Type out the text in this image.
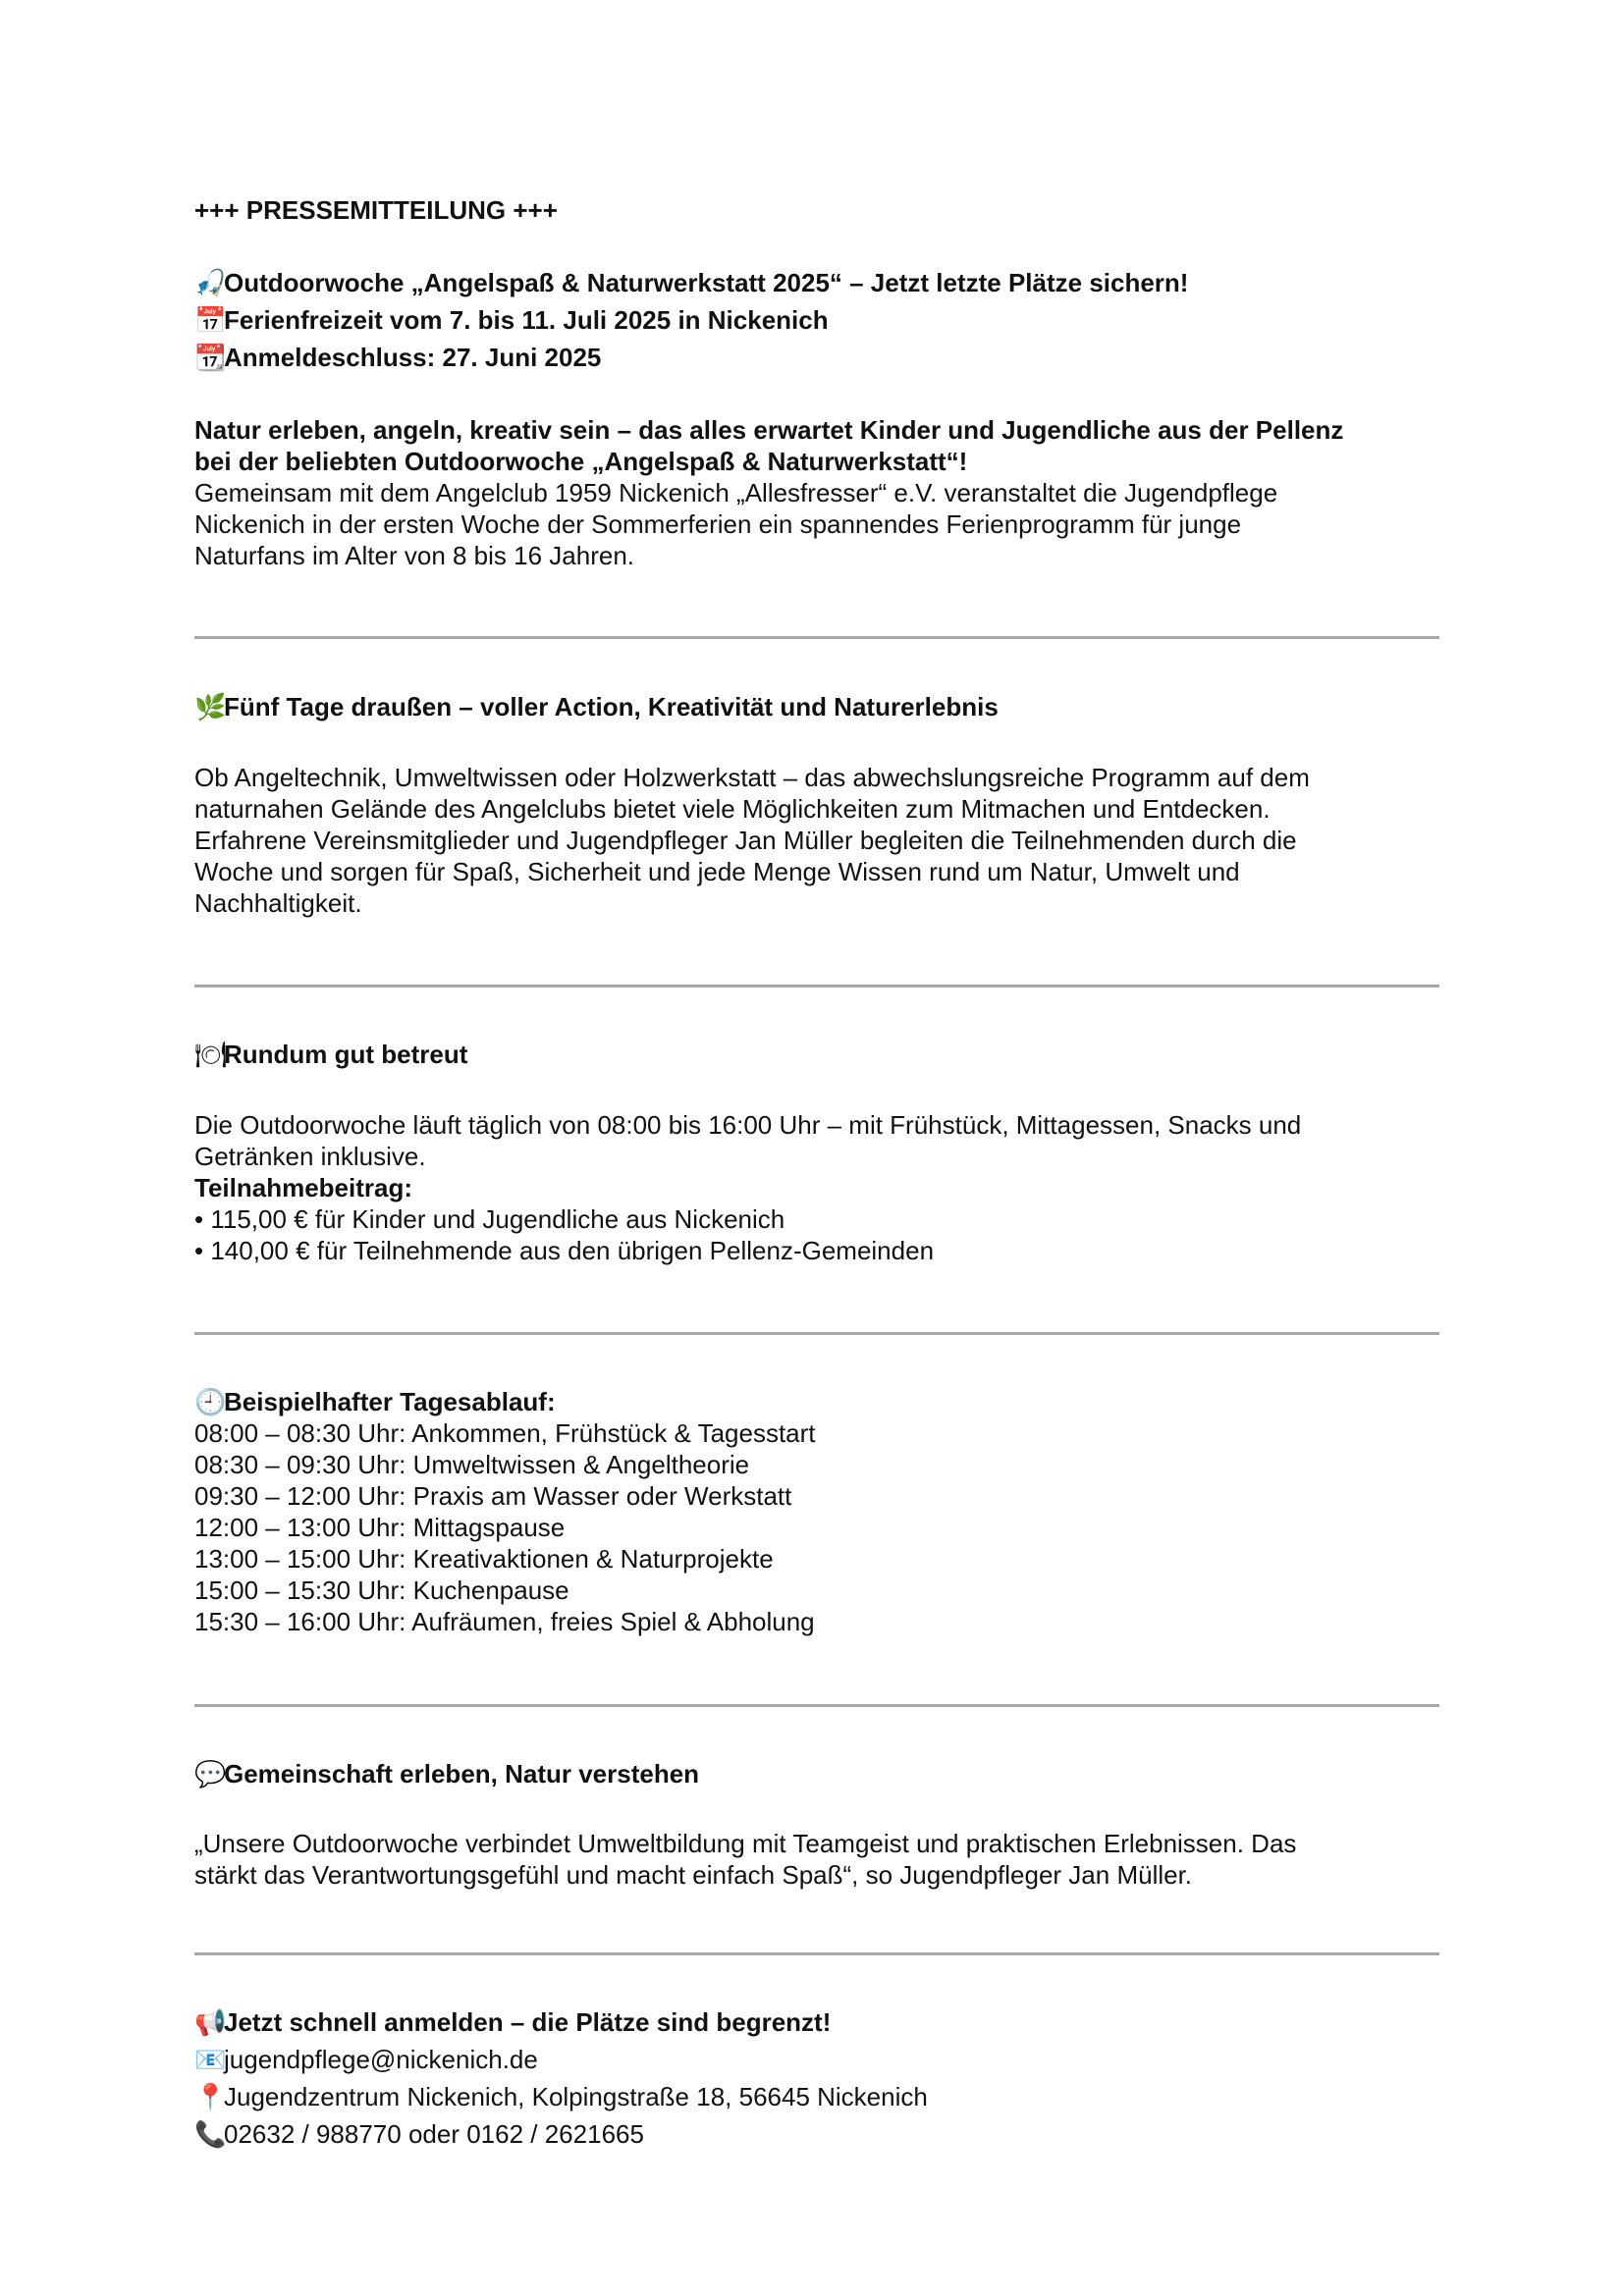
+++ PRESSEMITTEILUNG +++
🎣Outdoorwoche „Angelspaß & Naturwerkstatt 2025“ – Jetzt letzte Plätze sichern!
📅Ferienfreizeit vom 7. bis 11. Juli 2025 in Nickenich
📆Anmeldeschluss: 27. Juni 2025
Natur erleben, angeln, kreativ sein – das alles erwartet Kinder und Jugendliche aus der Pellenz
bei der beliebten Outdoorwoche „Angelspaß & Naturwerkstatt“!
Gemeinsam mit dem Angelclub 1959 Nickenich „Allesfresser“ e.V. veranstaltet die Jugendpflege
Nickenich in der ersten Woche der Sommerferien ein spannendes Ferienprogramm für junge
Naturfans im Alter von 8 bis 16 Jahren.
🌿Fünf Tage draußen – voller Action, Kreativität und Naturerlebnis
Ob Angeltechnik, Umweltwissen oder Holzwerkstatt – das abwechslungsreiche Programm auf dem
naturnahen Gelände des Angelclubs bietet viele Möglichkeiten zum Mitmachen und Entdecken.
Erfahrene Vereinsmitglieder und Jugendpfleger Jan Müller begleiten die Teilnehmenden durch die
Woche und sorgen für Spaß, Sicherheit und jede Menge Wissen rund um Natur, Umwelt und
Nachhaltigkeit.
🍽Rundum gut betreut
Die Outdoorwoche läuft täglich von 08:00 bis 16:00 Uhr – mit Frühstück, Mittagessen, Snacks und
Getränken inklusive.
Teilnahmebeitrag:
• 115,00 € für Kinder und Jugendliche aus Nickenich
• 140,00 € für Teilnehmende aus den übrigen Pellenz-Gemeinden
🕘Beispielhafter Tagesablauf:
08:00 – 08:30 Uhr: Ankommen, Frühstück & Tagesstart
08:30 – 09:30 Uhr: Umweltwissen & Angeltheorie
09:30 – 12:00 Uhr: Praxis am Wasser oder Werkstatt
12:00 – 13:00 Uhr: Mittagspause
13:00 – 15:00 Uhr: Kreativaktionen & Naturprojekte
15:00 – 15:30 Uhr: Kuchenpause
15:30 – 16:00 Uhr: Aufräumen, freies Spiel & Abholung
💬Gemeinschaft erleben, Natur verstehen
„Unsere Outdoorwoche verbindet Umweltbildung mit Teamgeist und praktischen Erlebnissen. Das
stärkt das Verantwortungsgefühl und macht einfach Spaß“, so Jugendpfleger Jan Müller.
📢Jetzt schnell anmelden – die Plätze sind begrenzt!
📧jugendpflege@nickenich.de
📍Jugendzentrum Nickenich, Kolpingstraße 18, 56645 Nickenich
📞02632 / 988770 oder 0162 / 2621665
